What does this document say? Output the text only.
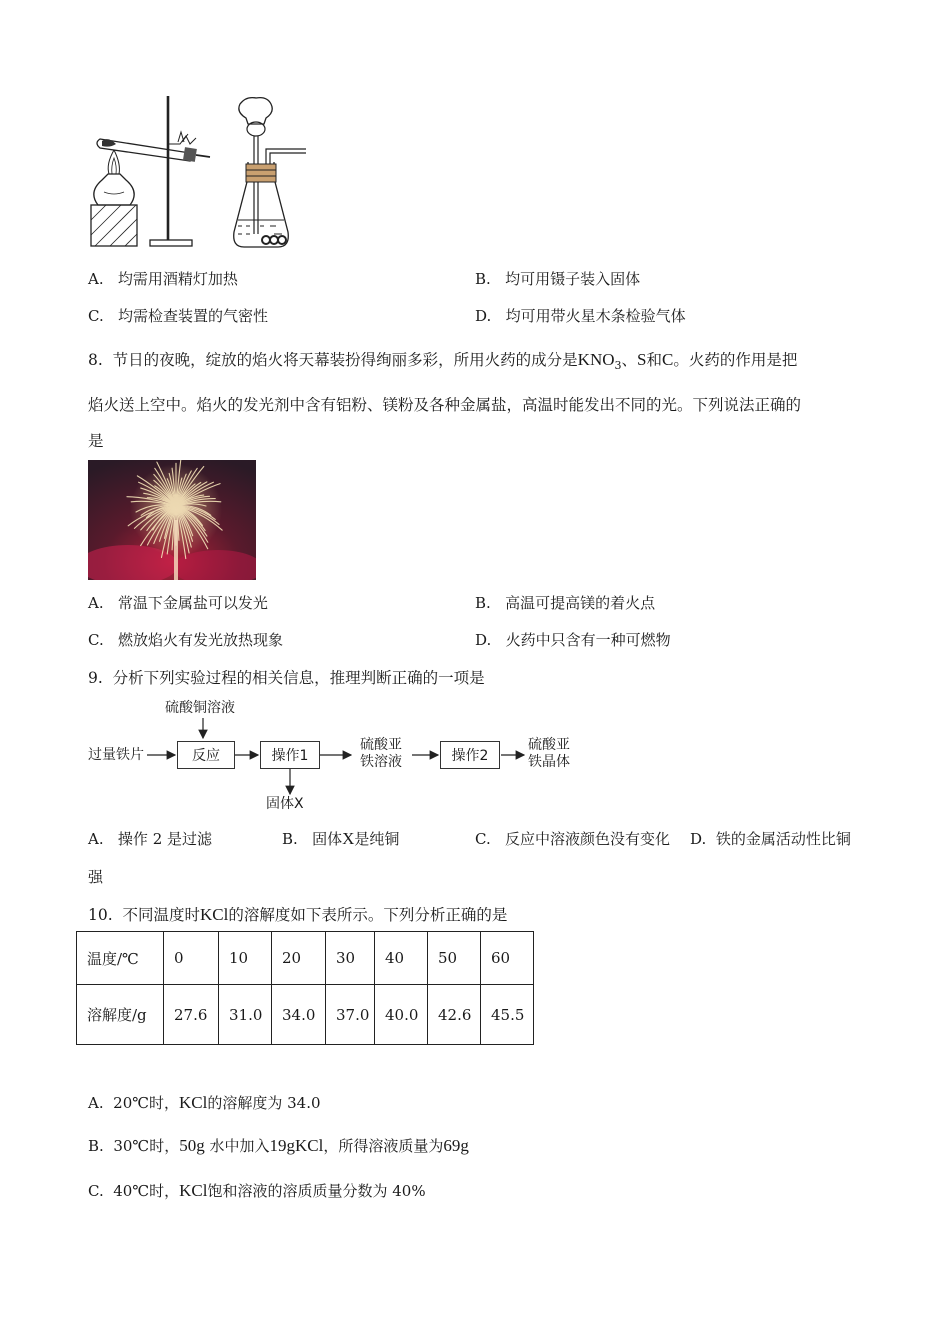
A. 均需用酒精灯加热	B. 均可用镊子装入固体
C. 均需检查装置的气密性	D. 均可用带火星木条检验气体
8. 节日的夜晚，绽放的焰火将天幕装扮得绚丽多彩，所用火药的成分是$KNO_3$、S和C。火药的作用是把
焰火送上空中。焰火的发光剂中含有铝粉、镁粉及各种金属盐，高温时能发出不同的光。下列说法正确的
是
A. 常温下金属盐可以发光	B. 高温可提高镁的着火点
C. 燃放焰火有发光放热现象	D. 火药中只含有一种可燃物
9. 分析下列实验过程的相关信息，推理判断正确的一项是
硫酸铜溶液
过量铁片	反应	操作1
固体X
硫酸亚
铁溶液	操作2
硫酸亚
铁晶体
A. 操作 2 是过滤	B. 固体X是纯铜	C. 反应中溶液颜色没有变化 D. 铁的金属活动性比铜
强
10. 不同温度时KCl的溶解度如下表所示。下列分析正确的是
温度/℃	0	10	20	30	40	50	60
溶解度/g	27.6	31.0	34.0	37.0	40.0	42.6	45.5
A. 20℃时，KCl的溶解度为 34.0
B. 30℃时，50g 水中加入19gKCl，所得溶液质量为69g
C. 40℃时，KCl饱和溶液的溶质质量分数为 40%
